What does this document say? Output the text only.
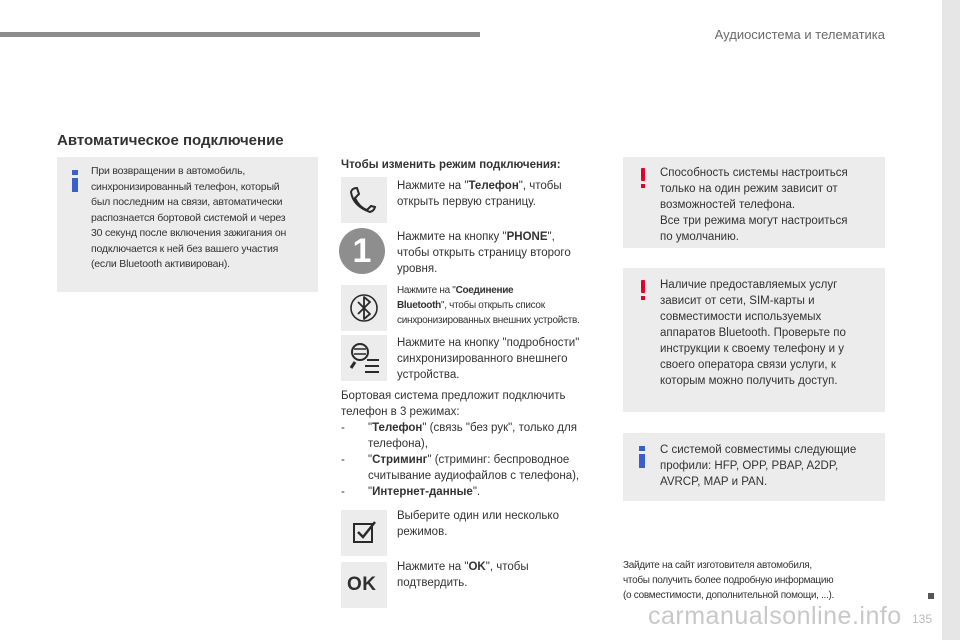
Аудиосистема и телематика
135
Автоматическое подключение
При возвращении в автомобиль,
синхронизированный телефон, который
был последним на связи, автоматически
распознается бортовой системой и через
30 секунд после включения зажигания он
подключается к ней без вашего участия
(если Bluetooth активирован).
Чтобы изменить режим подключения:
1
Нажмите на "Телефон", чтобы
открыть первую страницу.
Нажмите на кнопку "PHONE",
чтобы открыть страницу второго
уровня.
Нажмите на "Соединение
Bluetooth", чтобы открыть список
синхронизированных внешних устройств.
Нажмите на кнопку "подробности"
синхронизированного внешнего
устройства.
Бортовая система предложит подключить
телефон в 3 режимах:
- "Телефон" (связь "без рук", только для
телефона),
- "Стриминг" (стриминг: беспроводное
считывание аудиофайлов с телефона),
- "Интернет-данные".
Выберите один или несколько
режимов.
OK
Нажмите на "OK", чтобы
подтвердить.
Способность системы настроиться
только на один режим зависит от
возможностей телефона.
Все три режима могут настроиться
по умолчанию.
Наличие предоставляемых услуг
зависит от сети, SIM-карты и
совместимости используемых
аппаратов Bluetooth. Проверьте по
инструкции к своему телефону и у
своего оператора связи услуги, к
которым можно получить доступ.
С системой совместимы следующие
профили: HFP, OPP, PBAP, A2DP,
AVRCP, MAP и PAN.
Зайдите на сайт изготовителя автомобиля,
чтобы получить более подробную информацию
(о совместимости, дополнительной помощи, ...).
carmanualsonline.info
